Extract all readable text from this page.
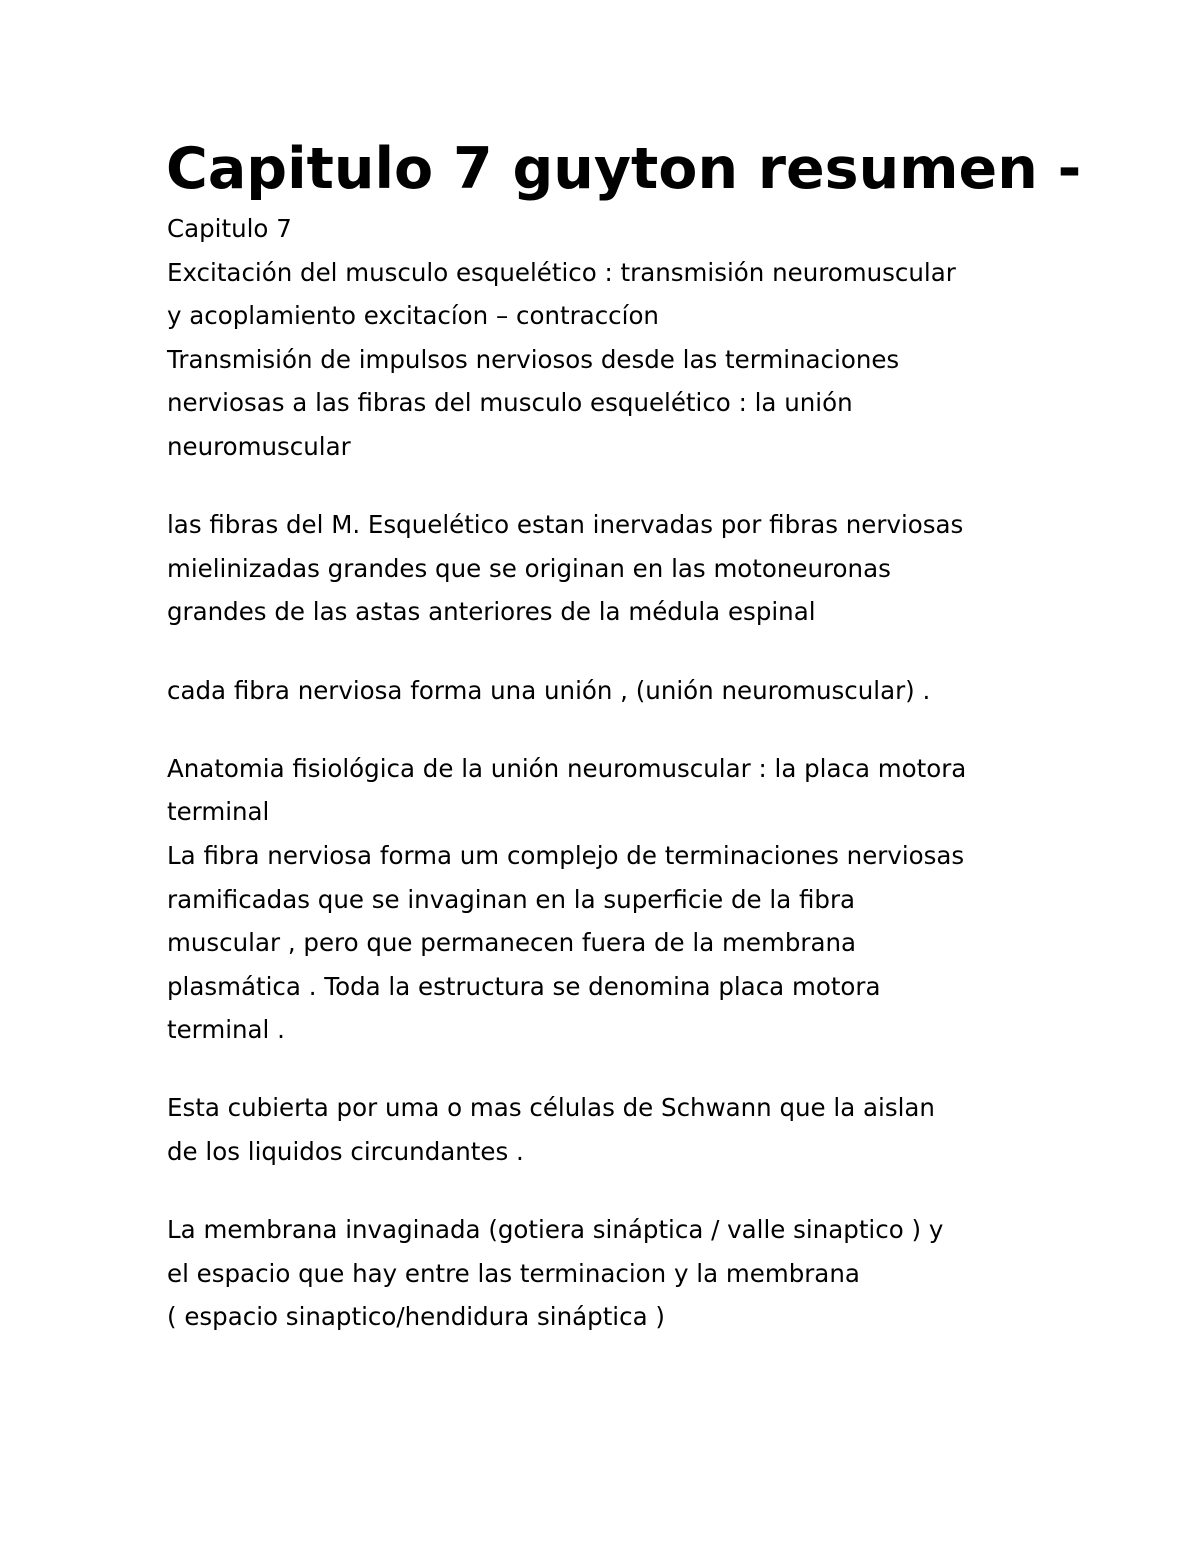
Capitulo 7 guyton resumen -
Capitulo 7
Excitación del musculo esquelético : transmisión neuromuscular
y acoplamiento excitacíon – contraccíon
Transmisión de impulsos nerviosos desde las terminaciones
nerviosas a las fibras del musculo esquelético : la unión
neuromuscular
las fibras del M. Esquelético estan inervadas por fibras nerviosas
mielinizadas grandes que se originan en las motoneuronas
grandes de las astas anteriores de la médula espinal
cada fibra nerviosa forma una unión , (unión neuromuscular) .
Anatomia fisiológica de la unión neuromuscular : la placa motora
terminal
La fibra nerviosa forma um complejo de terminaciones nerviosas
ramificadas que se invaginan en la superficie de la fibra
muscular , pero que permanecen fuera de la membrana
plasmática . Toda la estructura se denomina placa motora
terminal .
Esta cubierta por uma o mas células de Schwann que la aislan
de los liquidos circundantes .
La membrana invaginada (gotiera sináptica / valle sinaptico ) y
el espacio que hay entre las terminacion y la membrana
( espacio sinaptico/hendidura sináptica )
